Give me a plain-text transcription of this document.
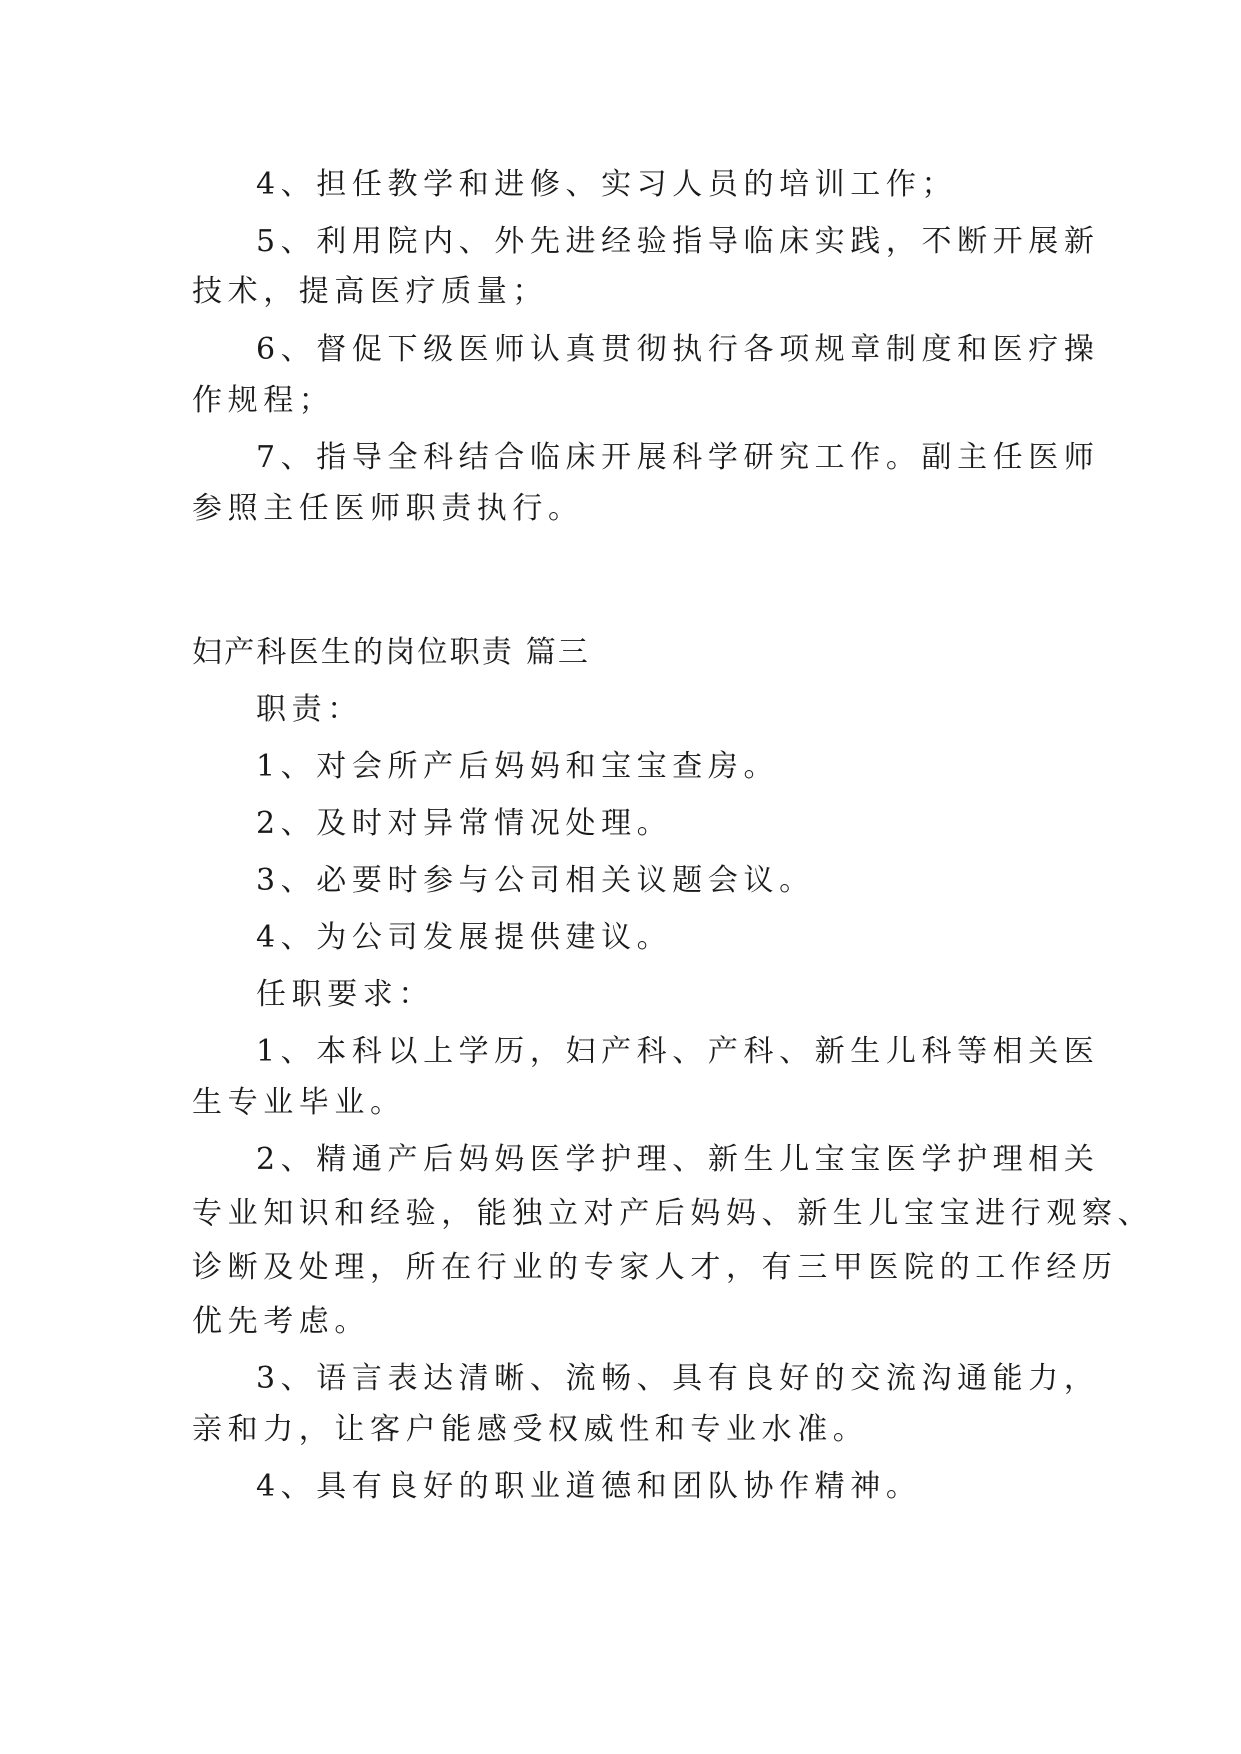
4、担任教学和进修、实习人员的培训工作；
5、利用院内、外先进经验指导临床实践，不断开展新
技术，提高医疗质量；
6、督促下级医师认真贯彻执行各项规章制度和医疗操
作规程；
7、指导全科结合临床开展科学研究工作。副主任医师
参照主任医师职责执行。
妇产科医生的岗位职责 篇三
职责：
1、对会所产后妈妈和宝宝查房。
2、及时对异常情况处理。
3、必要时参与公司相关议题会议。
4、为公司发展提供建议。
任职要求：
1、本科以上学历，妇产科、产科、新生儿科等相关医
生专业毕业。
2、精通产后妈妈医学护理、新生儿宝宝医学护理相关
专业知识和经验，能独立对产后妈妈、新生儿宝宝进行观察、
诊断及处理，所在行业的专家人才，有三甲医院的工作经历
优先考虑。
3、语言表达清晰、流畅、具有良好的交流沟通能力，
亲和力，让客户能感受权威性和专业水准。
4、具有良好的职业道德和团队协作精神。
